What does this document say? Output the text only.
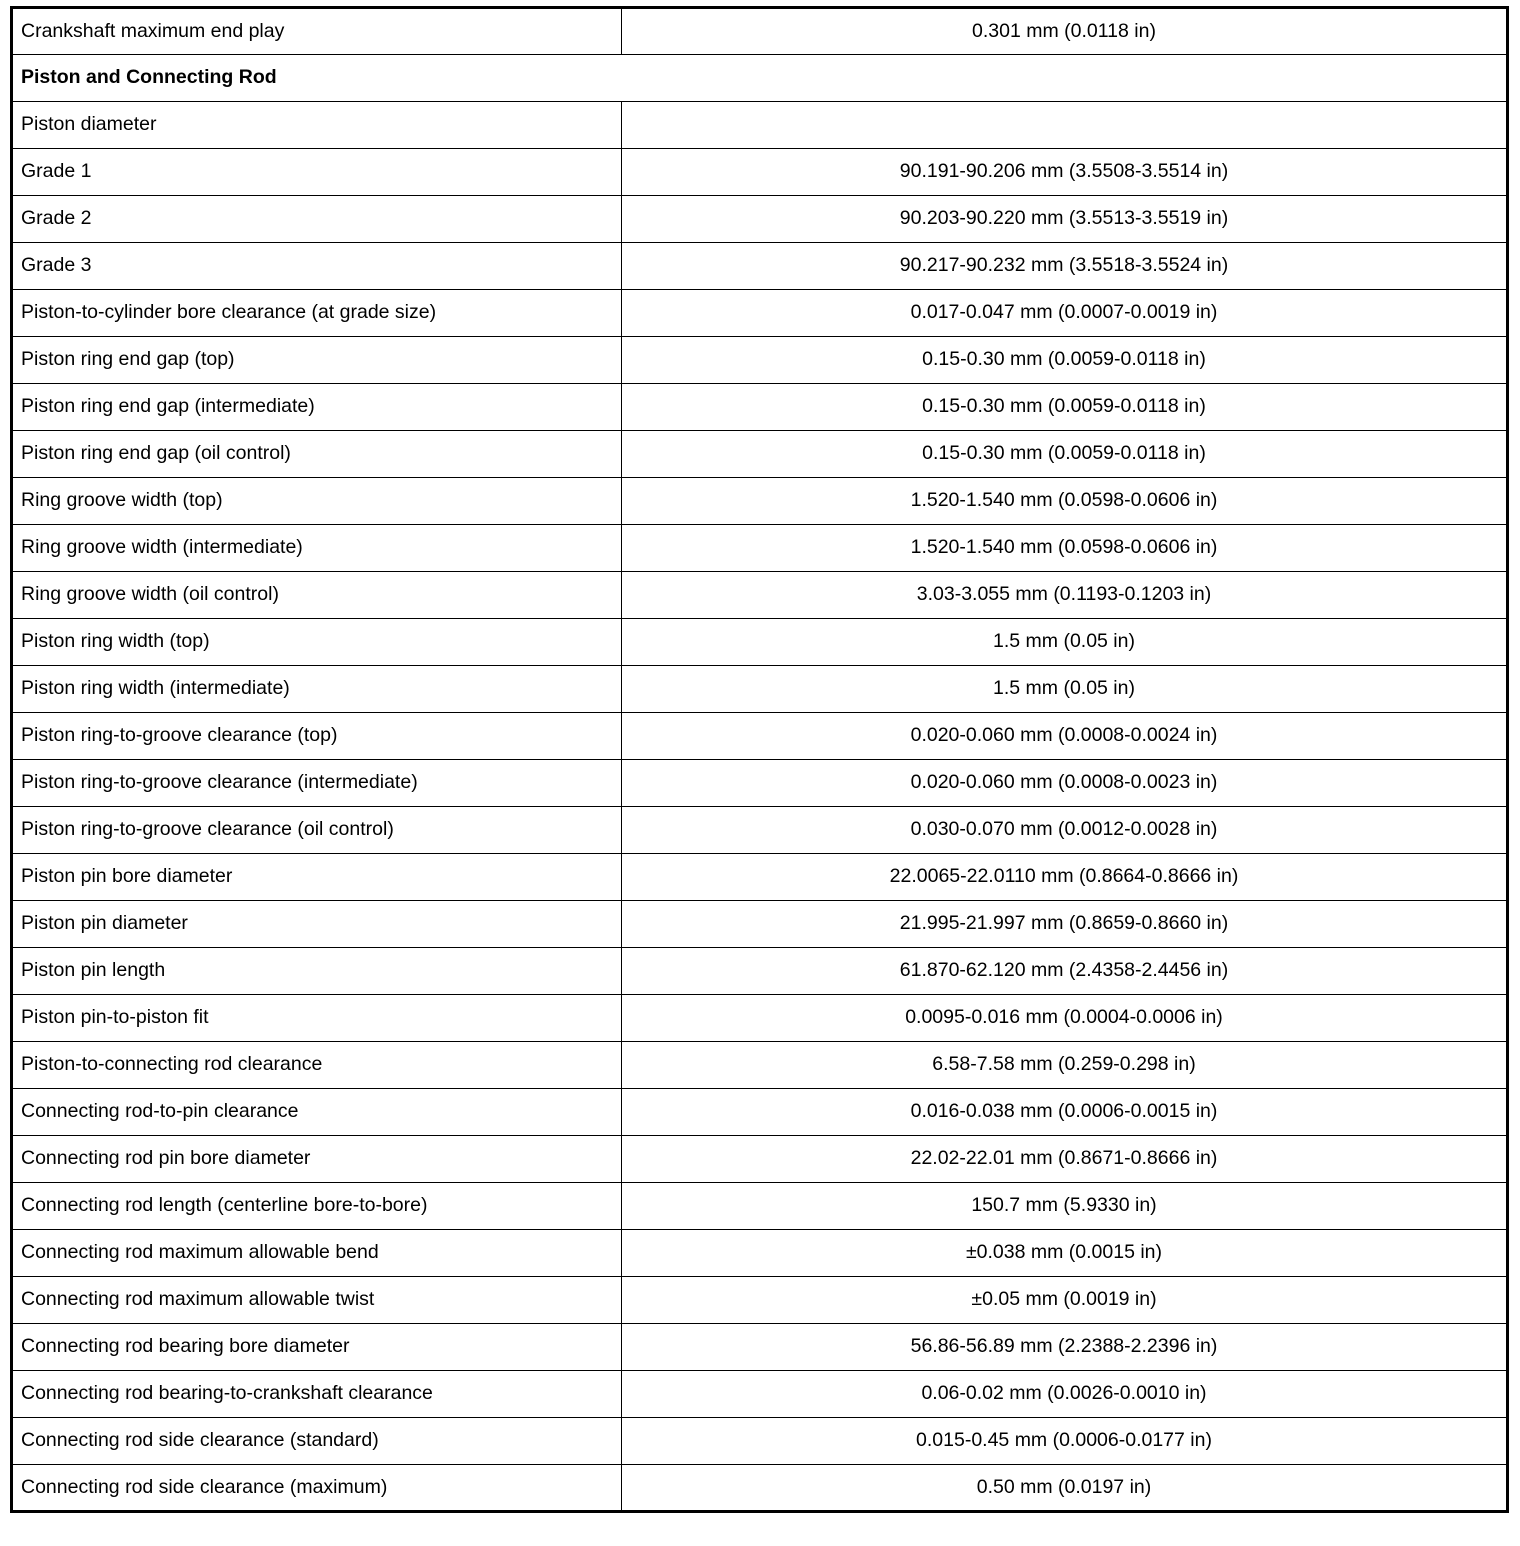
Crankshaft maximum end play	0.301 mm (0.0118 in)
Piston and Connecting Rod	
Piston diameter	
Grade 1	90.191-90.206 mm (3.5508-3.5514 in)
Grade 2	90.203-90.220 mm (3.5513-3.5519 in)
Grade 3	90.217-90.232 mm (3.5518-3.5524 in)
Piston-to-cylinder bore clearance (at grade size)	0.017-0.047 mm (0.0007-0.0019 in)
Piston ring end gap (top)	0.15-0.30 mm (0.0059-0.0118 in)
Piston ring end gap (intermediate)	0.15-0.30 mm (0.0059-0.0118 in)
Piston ring end gap (oil control)	0.15-0.30 mm (0.0059-0.0118 in)
Ring groove width (top)	1.520-1.540 mm (0.0598-0.0606 in)
Ring groove width (intermediate)	1.520-1.540 mm (0.0598-0.0606 in)
Ring groove width (oil control)	3.03-3.055 mm (0.1193-0.1203 in)
Piston ring width (top)	1.5 mm (0.05 in)
Piston ring width (intermediate)	1.5 mm (0.05 in)
Piston ring-to-groove clearance (top)	0.020-0.060 mm (0.0008-0.0024 in)
Piston ring-to-groove clearance (intermediate)	0.020-0.060 mm (0.0008-0.0023 in)
Piston ring-to-groove clearance (oil control)	0.030-0.070 mm (0.0012-0.0028 in)
Piston pin bore diameter	22.0065-22.0110 mm (0.8664-0.8666 in)
Piston pin diameter	21.995-21.997 mm (0.8659-0.8660 in)
Piston pin length	61.870-62.120 mm (2.4358-2.4456 in)
Piston pin-to-piston fit	0.0095-0.016 mm (0.0004-0.0006 in)
Piston-to-connecting rod clearance	6.58-7.58 mm (0.259-0.298 in)
Connecting rod-to-pin clearance	0.016-0.038 mm (0.0006-0.0015 in)
Connecting rod pin bore diameter	22.02-22.01 mm (0.8671-0.8666 in)
Connecting rod length (centerline bore-to-bore)	150.7 mm (5.9330 in)
Connecting rod maximum allowable bend	±0.038 mm (0.0015 in)
Connecting rod maximum allowable twist	±0.05 mm (0.0019 in)
Connecting rod bearing bore diameter	56.86-56.89 mm (2.2388-2.2396 in)
Connecting rod bearing-to-crankshaft clearance	0.06-0.02 mm (0.0026-0.0010 in)
Connecting rod side clearance (standard)	0.015-0.45 mm (0.0006-0.0177 in)
Connecting rod side clearance (maximum)	0.50 mm (0.0197 in)
